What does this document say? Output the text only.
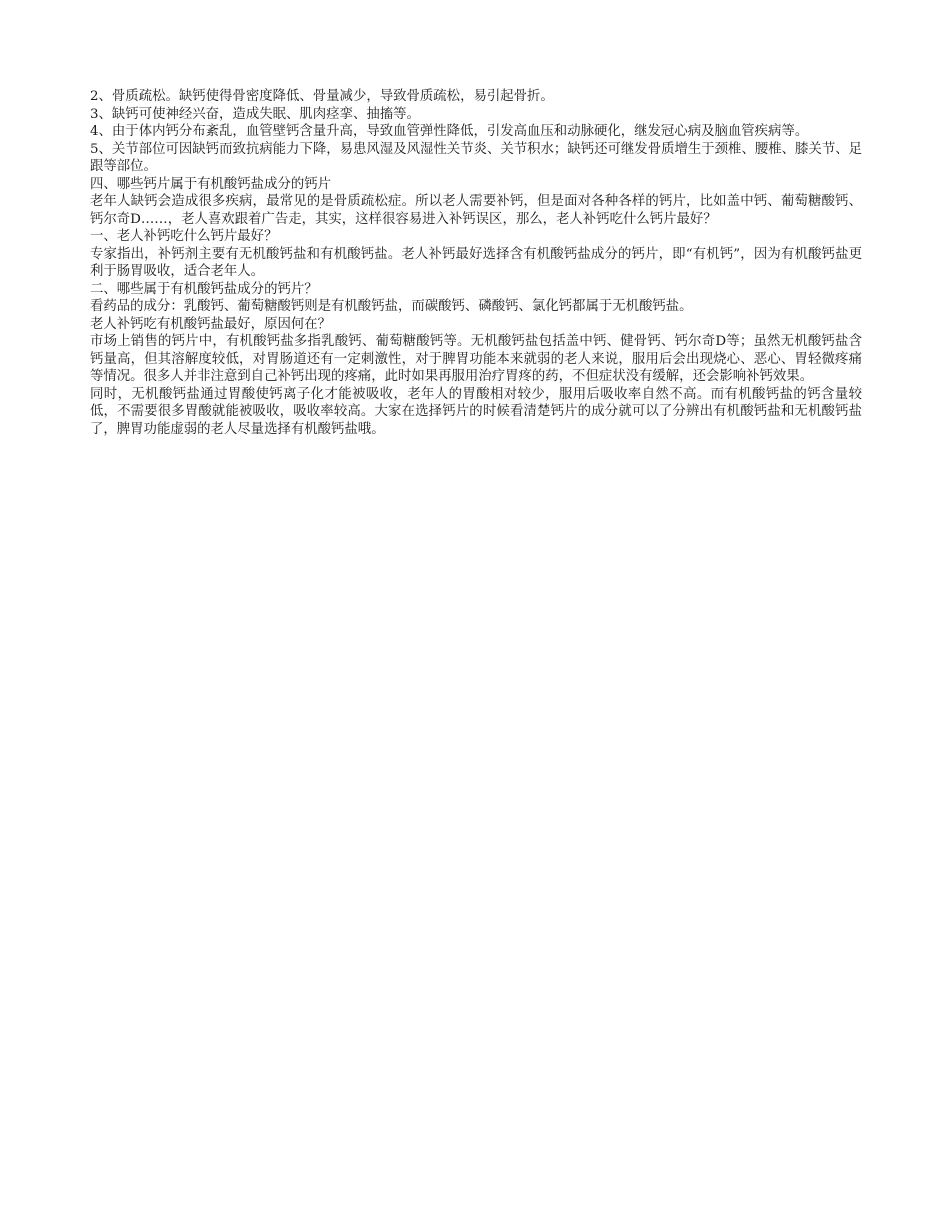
2、骨质疏松。缺钙使得骨密度降低、骨量减少，导致骨质疏松，易引起骨折。

3、缺钙可使神经兴奋，造成失眠、肌肉痉挛、抽搐等。

4、由于体内钙分布紊乱，血管壁钙含量升高，导致血管弹性降低，引发高血压和动脉硬化，继发冠心病及脑血管疾病等。

5、关节部位可因缺钙而致抗病能力下降，易患风湿及风湿性关节炎、关节积水；缺钙还可继发骨质增生于颈椎、腰椎、膝关节、足跟等部位。

四、哪些钙片属于有机酸钙盐成分的钙片

老年人缺钙会造成很多疾病，最常见的是骨质疏松症。所以老人需要补钙，但是面对各种各样的钙片，比如盖中钙、葡萄糖酸钙、钙尔奇D……，老人喜欢跟着广告走，其实，这样很容易进入补钙误区，那么，老人补钙吃什么钙片最好？

一、老人补钙吃什么钙片最好？

专家指出，补钙剂主要有无机酸钙盐和有机酸钙盐。老人补钙最好选择含有机酸钙盐成分的钙片，即“有机钙”，因为有机酸钙盐更利于肠胃吸收，适合老年人。

二、哪些属于有机酸钙盐成分的钙片？

看药品的成分：乳酸钙、葡萄糖酸钙则是有机酸钙盐，而碳酸钙、磷酸钙、氯化钙都属于无机酸钙盐。

老人补钙吃有机酸钙盐最好，原因何在？

市场上销售的钙片中，有机酸钙盐多指乳酸钙、葡萄糖酸钙等。无机酸钙盐包括盖中钙、健骨钙、钙尔奇D等；虽然无机酸钙盐含钙量高，但其溶解度较低，对胃肠道还有一定刺激性，对于脾胃功能本来就弱的老人来说，服用后会出现烧心、恶心、胃轻微疼痛等情况。很多人并非注意到自己补钙出现的疼痛，此时如果再服用治疗胃疼的药，不但症状没有缓解，还会影响补钙效果。

同时，无机酸钙盐通过胃酸使钙离子化才能被吸收，老年人的胃酸相对较少，服用后吸收率自然不高。而有机酸钙盐的钙含量较低，不需要很多胃酸就能被吸收，吸收率较高。大家在选择钙片的时候看清楚钙片的成分就可以了分辨出有机酸钙盐和无机酸钙盐了，脾胃功能虚弱的老人尽量选择有机酸钙盐哦。
